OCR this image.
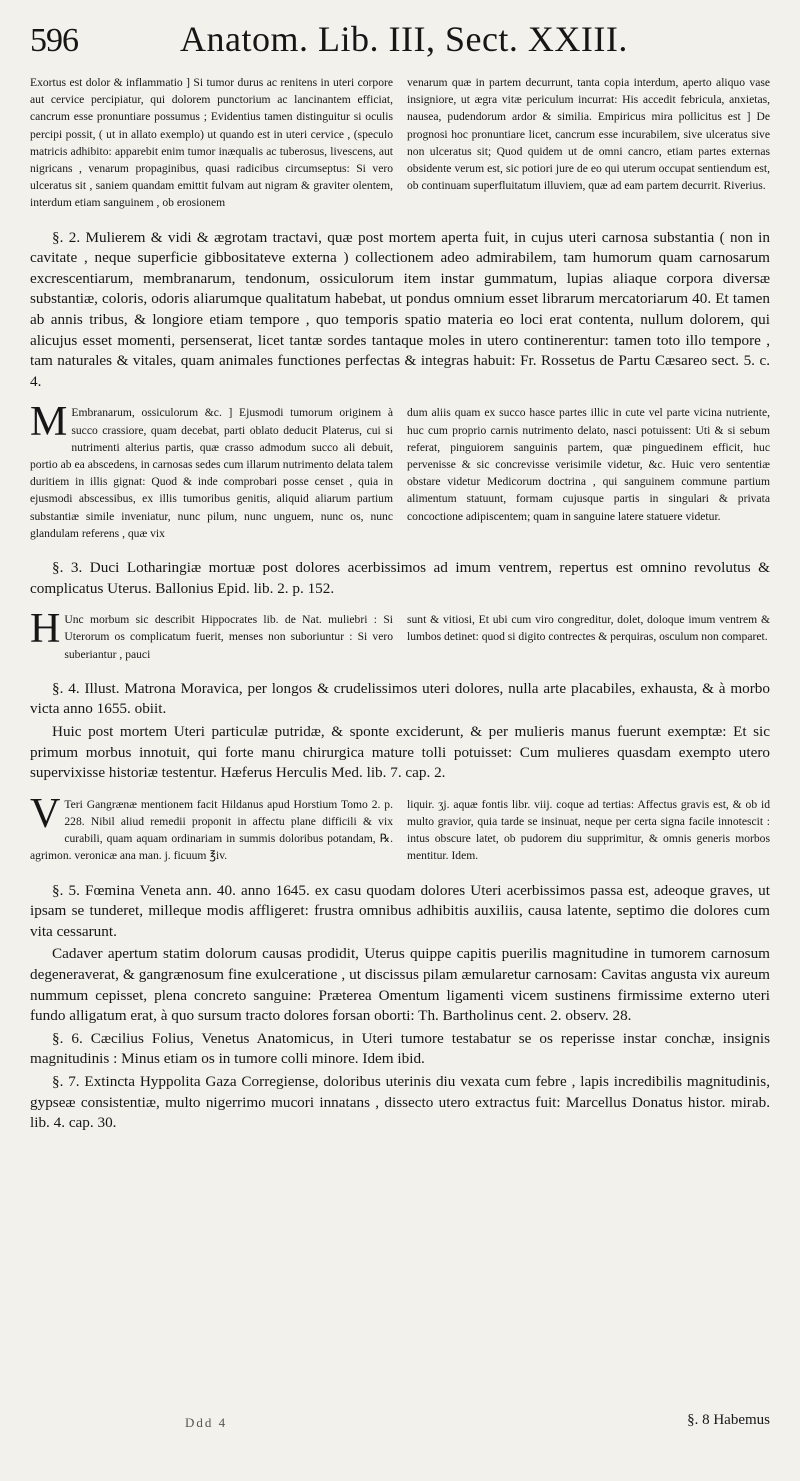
596	Anatom. Lib. III, Sect. XXIII.

Exortus est dolor & inflammatio ] Si tumor durus ac renitens in uteri corpore aut cervice percipiatur, qui dolorem punctorium ac lancinantem efficiat, cancrum esse pronuntiare possumus ; Evidentius tamen distinguitur si oculis percipi possit, ( ut in allato exemplo) ut quando est in uteri cervice , (speculo matricis adhibito: apparebit enim tumor inæqualis ac tuberosus, livescens, aut nigricans , venarum propaginibus, quasi radicibus circumseptus: Si vero ulceratus sit , saniem quandam emittit fulvam aut nigram & graviter olentem, interdum etiam sanguinem , ob erosionem

venarum quæ in partem decurrunt, tanta copia interdum, aperto aliquo vase insigniore, ut ægra vitæ periculum incurrat: His accedit febricula, anxietas, nausea, pudendorum ardor & similia. Empiricus mira pollicitus est ] De prognosi hoc pronuntiare licet, cancrum esse incurabilem, sive ulceratus sive non ulceratus sit; Quod quidem ut de omni cancro, etiam partes externas obsidente verum est, sic potiori jure de eo qui uterum occupat sentiendum est, ob continuam superfluitatum illuviem, quæ ad eam partem decurrit. Riverius.

§. 2. Mulierem & vidi & ægrotam tractavi, quæ post mortem aperta fuit, in cujus uteri carnosa substantia ( non in cavitate , neque superficie gibbositateve externa ) collectionem adeo admirabilem, tam humorum quam carnosarum excrescentiarum, membranarum, tendonum, ossiculorum item instar gummatum, lupias aliaque corpora diversæ substantiæ, coloris, odoris aliarumque qualitatum habebat, ut pondus omnium esset librarum mercatoriarum 40. Et tamen ab annis tribus, & longiore etiam tempore , quo temporis spatio materia eo loci erat contenta, nullum dolorem, qui alicujus esset momenti, persenserat, licet tantæ sordes tantaque moles in utero continerentur: tamen toto illo tempore , tam naturales & vitales, quam animales functiones perfectas & integras habuit: Fr. Rossetus de Partu Cæsareo sect. 5. c. 4.

M Embranarum, ossiculorum &c. ] Ejusmodi tumorum originem à succo crassiore, quam decebat, parti oblato deducit Platerus, cui si nutrimenti alterius partis, quæ crasso admodum succo ali debuit, portio ab ea abscedens, in carnosas sedes cum illarum nutrimento delata talem duritiem in illis gignat: Quod & inde comprobari posse censet , quia in ejusmodi abscessibus, ex illis tumoribus genitis, aliquid aliarum partium substantiæ simile inveniatur, nunc pilum, nunc unguem, nunc os, nunc glandulam referens , quæ vix

dum aliis quam ex succo hasce partes illic in cute vel parte vicina nutriente, huc cum proprio carnis nutrimento delato, nasci potuissent: Uti & si sebum referat, pinguiorem sanguinis partem, quæ pinguedinem efficit, huc pervenisse & sic concrevisse verisimile videtur, &c. Huic vero sententiæ obstare videtur Medicorum doctrina , qui sanguinem commune partium alimentum statuunt, formam cujusque partis in singulari & privata concoctione adipiscentem; quam in sanguine latere statuere videtur.

§. 3. Duci Lotharingiæ mortuæ post dolores acerbissimos ad imum ventrem, repertus est omnino revolutus & complicatus Uterus. Ballonius Epid. lib. 2. p. 152.

H Unc morbum sic describit Hippocrates lib. de Nat. muliebri : Si Uterorum os complicatum fuerit, menses non suboriuntur : Si vero suberiantur , pauci

sunt & vitiosi, Et ubi cum viro congreditur, dolet, doloque imum ventrem & lumbos detinet: quod si digito contrectes & perquiras, osculum non comparet.

§. 4. Illust. Matrona Moravica, per longos & crudelissimos uteri dolores, nulla arte placabiles, exhausta, & à morbo victa anno 1655. obiit.

Huic post mortem Uteri particulæ putridæ, & sponte exciderunt, & per mulieris manus fuerunt exemptæ: Et sic primum morbus innotuit, qui forte manu chirurgica mature tolli potuisset: Cum mulieres quasdam exempto utero supervixisse historiæ testentur. Hæferus Herculis Med. lib. 7. cap. 2.

V Teri Gangrænæ mentionem facit Hildanus apud Horstium Tomo 2. p. 228. Nibil aliud remedii proponit in affectu plane difficili & vix curabili, quam aquam ordinariam in summis doloribus potandam, ℞. agrimon. veronicæ ana man. j. ficuum ℥iv.

liquir. ʒj. aquæ fontis libr. viij. coque ad tertias: Affectus gravis est, & ob id multo gravior, quia tarde se insinuat, neque per certa signa facile innotescit : intus obscure latet, ob pudorem diu supprimitur, & omnis generis morbos mentitur. Idem.

§. 5. Fœmina Veneta ann. 40. anno 1645. ex casu quodam dolores Uteri acerbissimos passa est, adeoque graves, ut ipsam se tunderet, milleque modis affligeret: frustra omnibus adhibitis auxiliis, causa latente, septimo die dolores cum vita cessarunt.

Cadaver apertum statim dolorum causas prodidit, Uterus quippe capitis puerilis magnitudine in tumorem carnosum degeneraverat, & gangrænosum fine exulceratione , ut discissus pilam æmularetur carnosam: Cavitas angusta vix aureum nummum cepisset, plena concreto sanguine: Præterea Omentum ligamenti vicem sustinens firmissime externo uteri fundo alligatum erat, à quo sursum tracto dolores forsan oborti: Th. Bartholinus cent. 2. observ. 28.

§. 6. Cæcilius Folius, Venetus Anatomicus, in Uteri tumore testabatur se os reperisse instar conchæ, insignis magnitudinis : Minus etiam os in tumore colli minore. Idem ibid.

§. 7. Extincta Hyppolita Gaza Corregiense, doloribus uterinis diu vexata cum febre , lapis incredibilis magnitudinis, gypseæ consistentiæ, multo nigerrimo mucori innatans , dissecto utero extractus fuit: Marcellus Donatus histor. mirab. lib. 4. cap. 30.

Ddd 4	§. 8 Habemus
